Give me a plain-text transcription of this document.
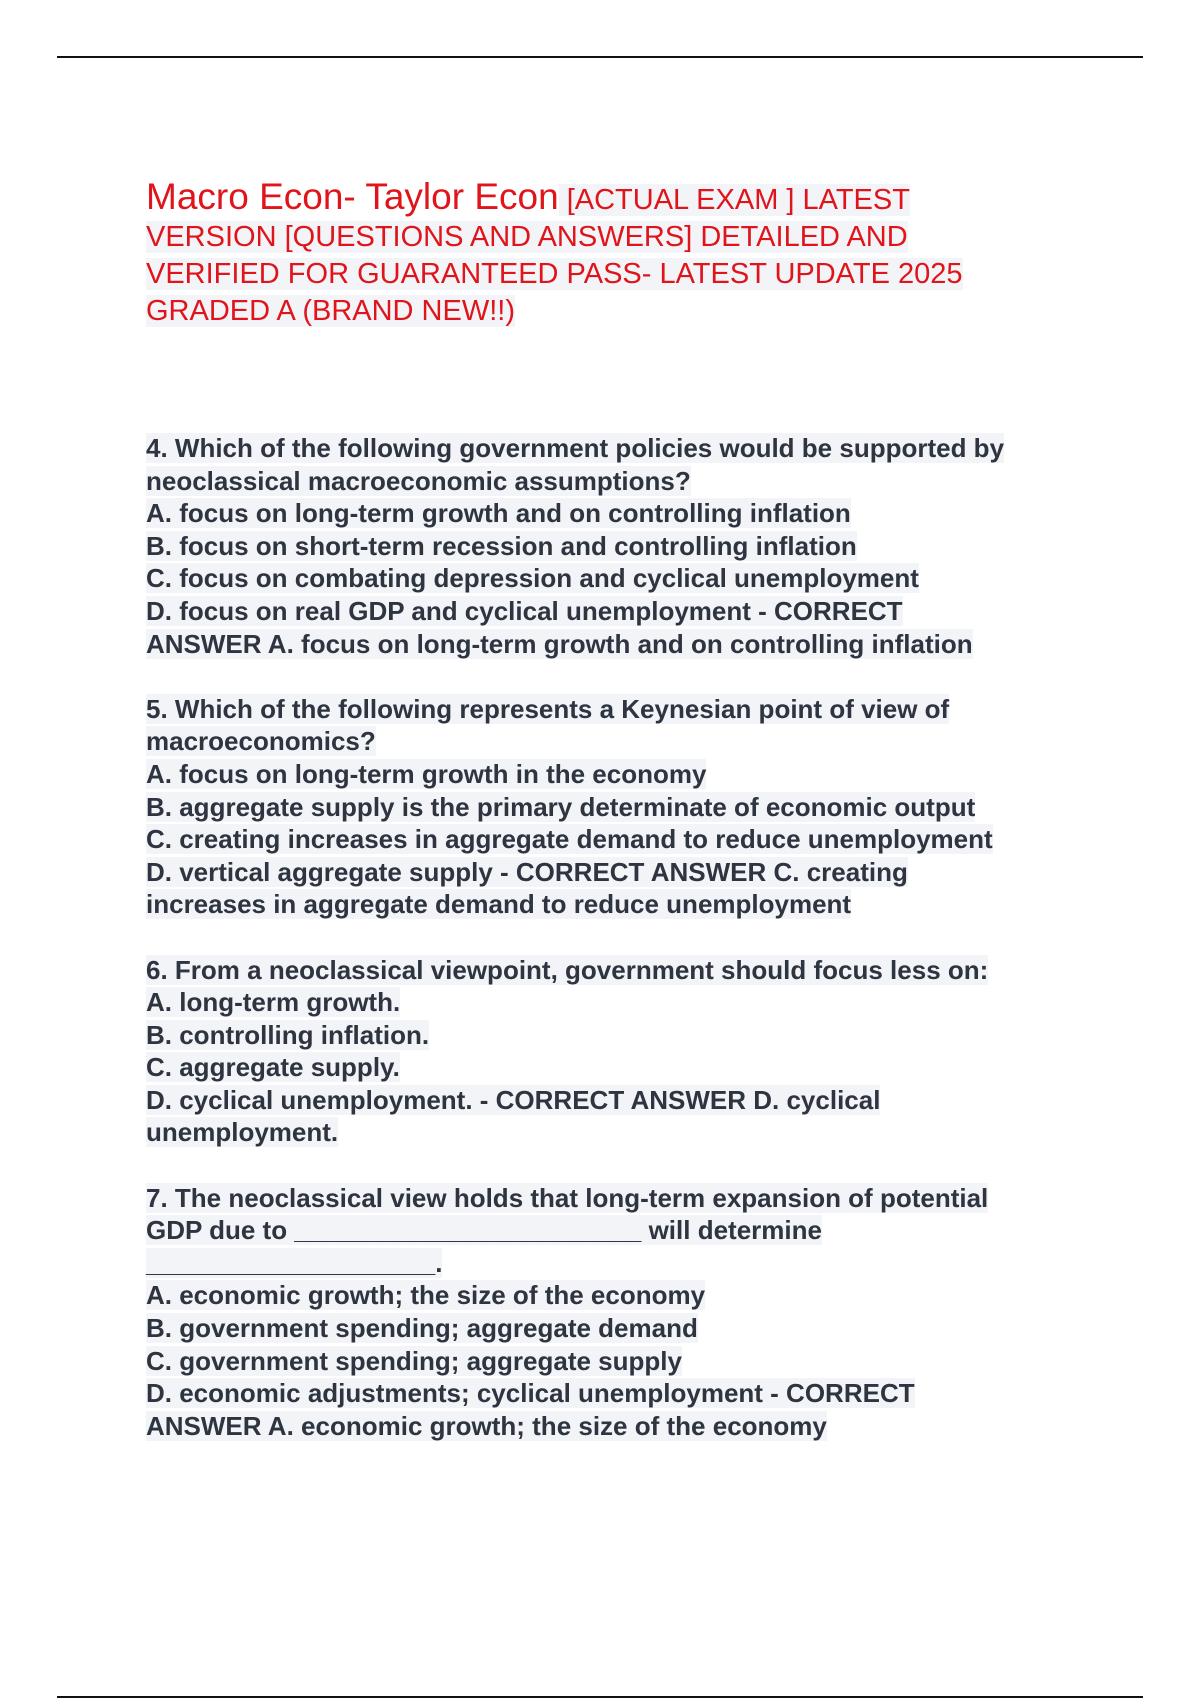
Macro Econ- Taylor Econ [ACTUAL EXAM ] LATEST
VERSION [QUESTIONS AND ANSWERS] DETAILED AND
VERIFIED FOR GUARANTEED PASS- LATEST UPDATE 2025
GRADED A (BRAND NEW!!)
4. Which of the following government policies would be supported by
neoclassical macroeconomic assumptions?
A. focus on long-term growth and on controlling inflation
B. focus on short-term recession and controlling inflation
C. focus on combating depression and cyclical unemployment
D. focus on real GDP and cyclical unemployment - CORRECT
ANSWER A. focus on long-term growth and on controlling inflation
5. Which of the following represents a Keynesian point of view of
macroeconomics?
A. focus on long-term growth in the economy
B. aggregate supply is the primary determinate of economic output
C. creating increases in aggregate demand to reduce unemployment
D. vertical aggregate supply - CORRECT ANSWER C. creating
increases in aggregate demand to reduce unemployment
6. From a neoclassical viewpoint, government should focus less on:
A. long-term growth.
B. controlling inflation.
C. aggregate supply.
D. cyclical unemployment. - CORRECT ANSWER D. cyclical
unemployment.
7. The neoclassical view holds that long-term expansion of potential
GDP due to ________________________ will determine
____________________.
A. economic growth; the size of the economy
B. government spending; aggregate demand
C. government spending; aggregate supply
D. economic adjustments; cyclical unemployment - CORRECT
ANSWER A. economic growth; the size of the economy
